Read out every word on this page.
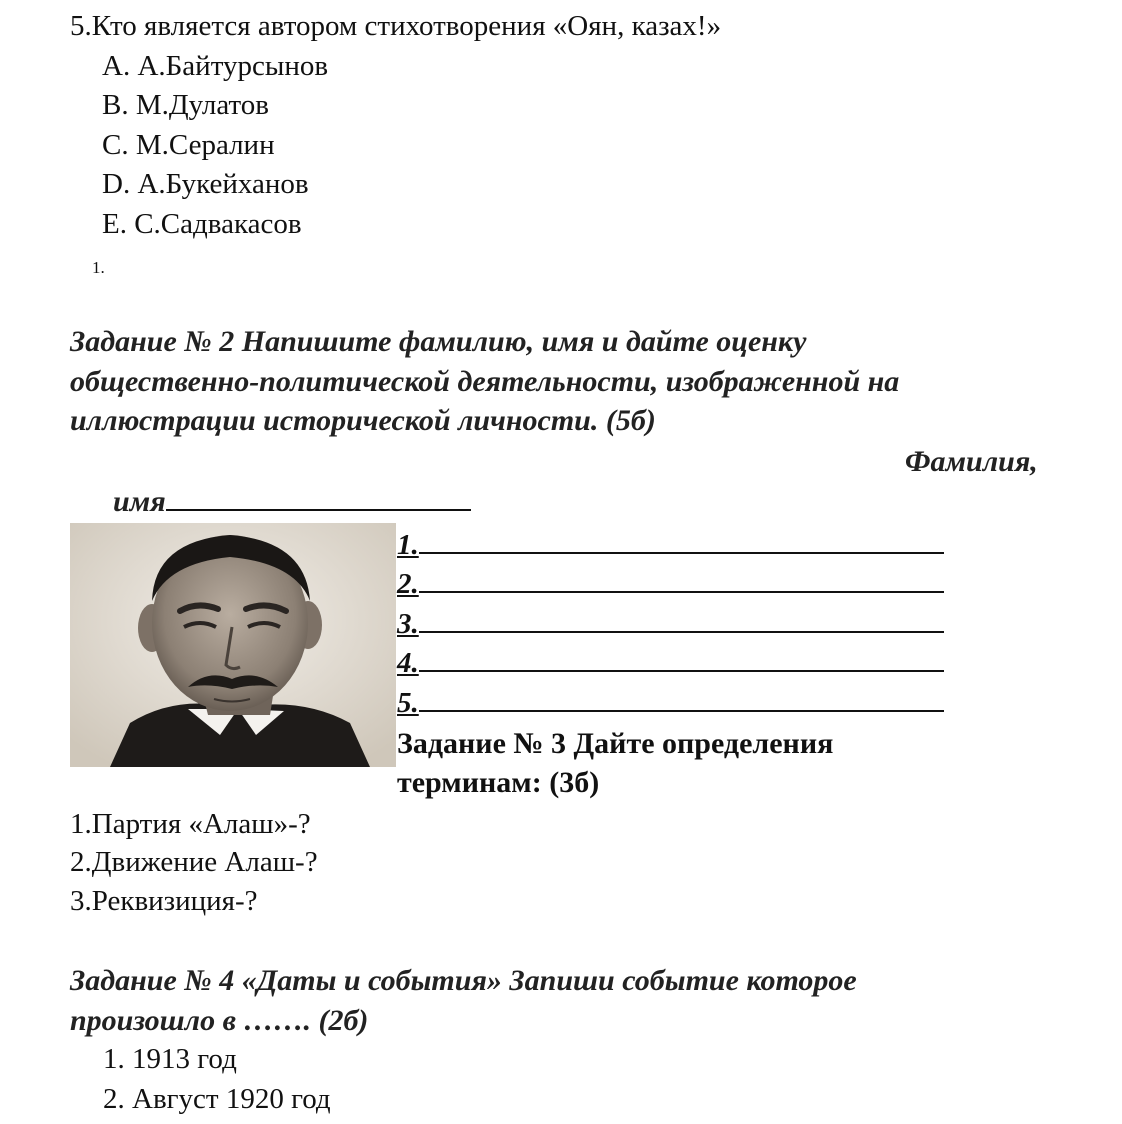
5.Кто является автором стихотворения «Оян, казах!»
A. А.Байтурсынов
B. М.Дулатов
C. М.Сералин
D. А.Букейханов
E. С.Садвакасов
1.
Задание № 2 Напишите фамилию, имя и дайте оценку
общественно-политической деятельности, изображенной на
иллюстрации исторической личности. (5б)
Фамилия,
имя
1.
2.
3.
4.
5.
Задание № 3 Дайте определения
терминам: (3б)
1.Партия «Алаш»-?
2.Движение Алаш-?
3.Реквизиция-?
Задание № 4 «Даты и события» Запиши событие которое
произошло в ……. (2б)
1. 1913 год
2. Август 1920 год
